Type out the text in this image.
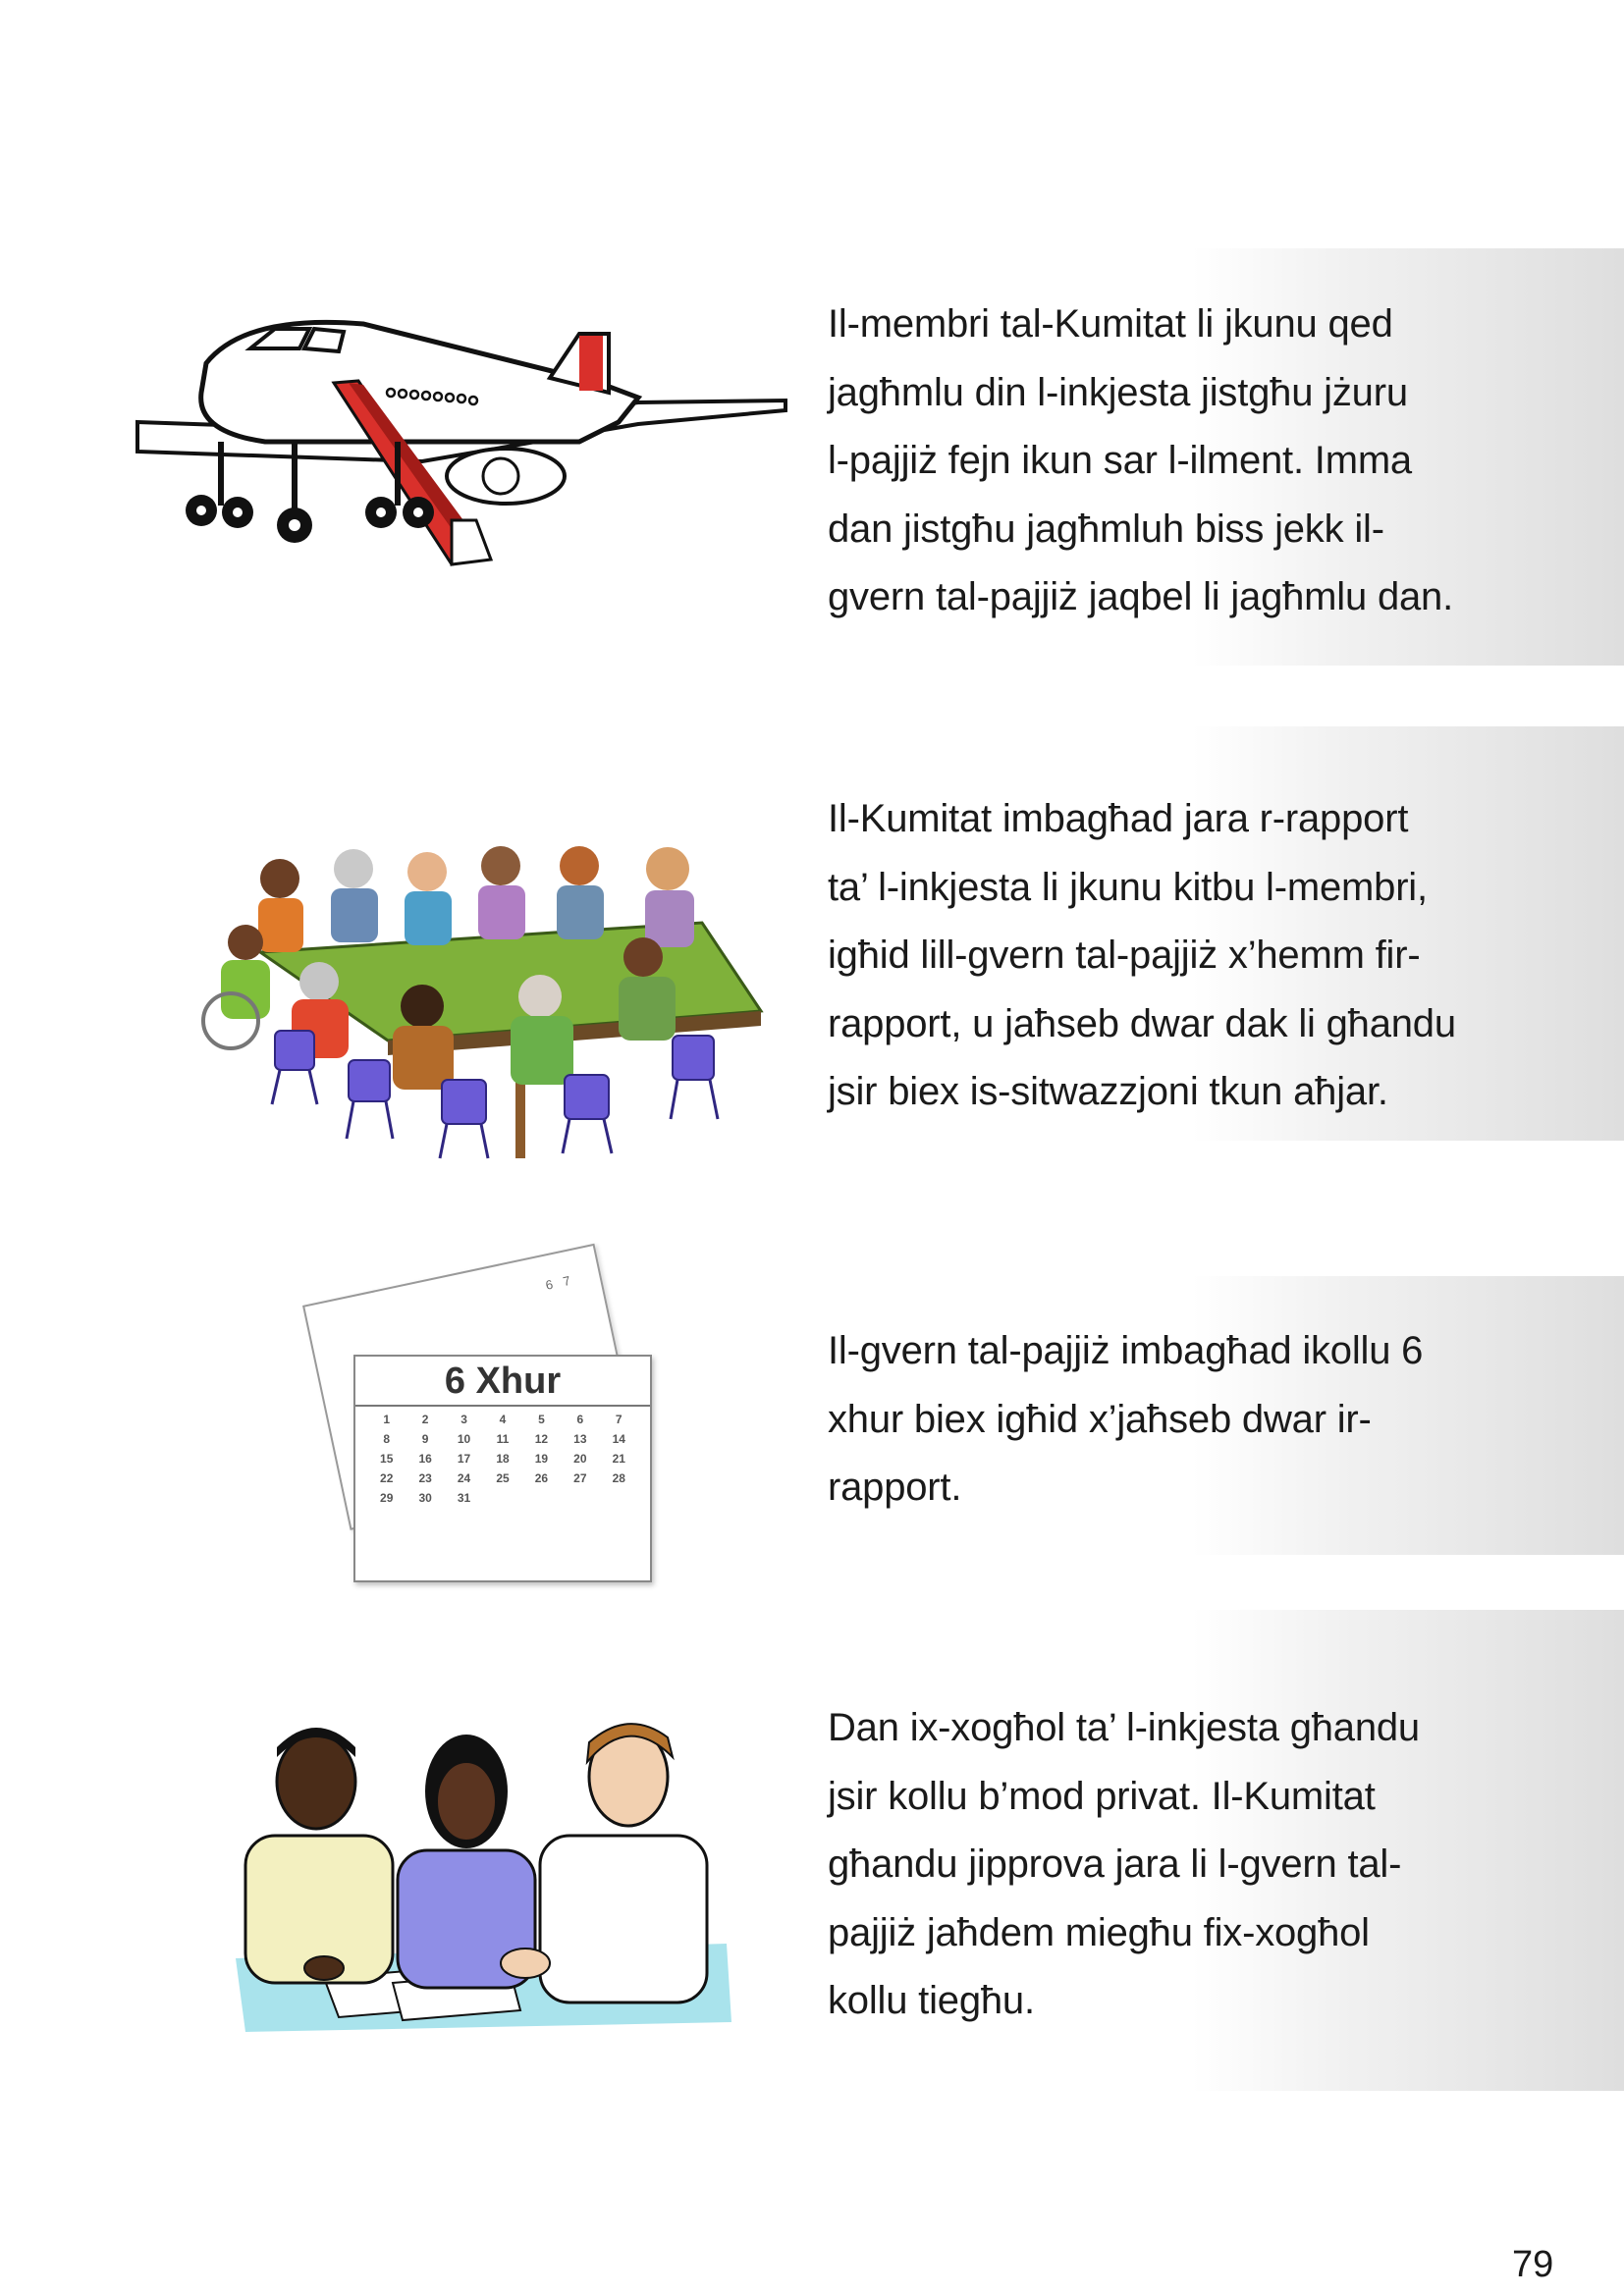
Il-membri tal-Kumitat li jkunu qed
jagħmlu din l-inkjesta jistgħu jżuru
l-pajjiż fejn ikun sar l-ilment. Imma
dan jistgħu jagħmluh biss jekk il-
gvern tal-pajjiż jaqbel li jagħmlu dan.
Il-Kumitat imbagħad jara r-rapport
ta’ l-inkjesta li jkunu kitbu l-membri,
igħid lill-gvern tal-pajjiż x’hemm fir-
rapport, u jaħseb dwar dak li għandu
jsir biex is-sitwazzjoni tkun aħjar.
6 7
6 Xhur
1	2	3	4	5	6	7
8	9	10	11	12	13	14
15	16	17	18	19	20	21
22	23	24	25	26	27	28
29	30	31
Il-gvern tal-pajjiż imbagħad ikollu 6
xhur biex igħid x’jaħseb dwar ir-
rapport.
Dan ix-xogħol ta’ l-inkjesta għandu
jsir kollu b’mod privat. Il-Kumitat
għandu jipprova jara li l-gvern tal-
pajjiż jaħdem miegħu fix-xogħol
kollu tiegħu.
79
